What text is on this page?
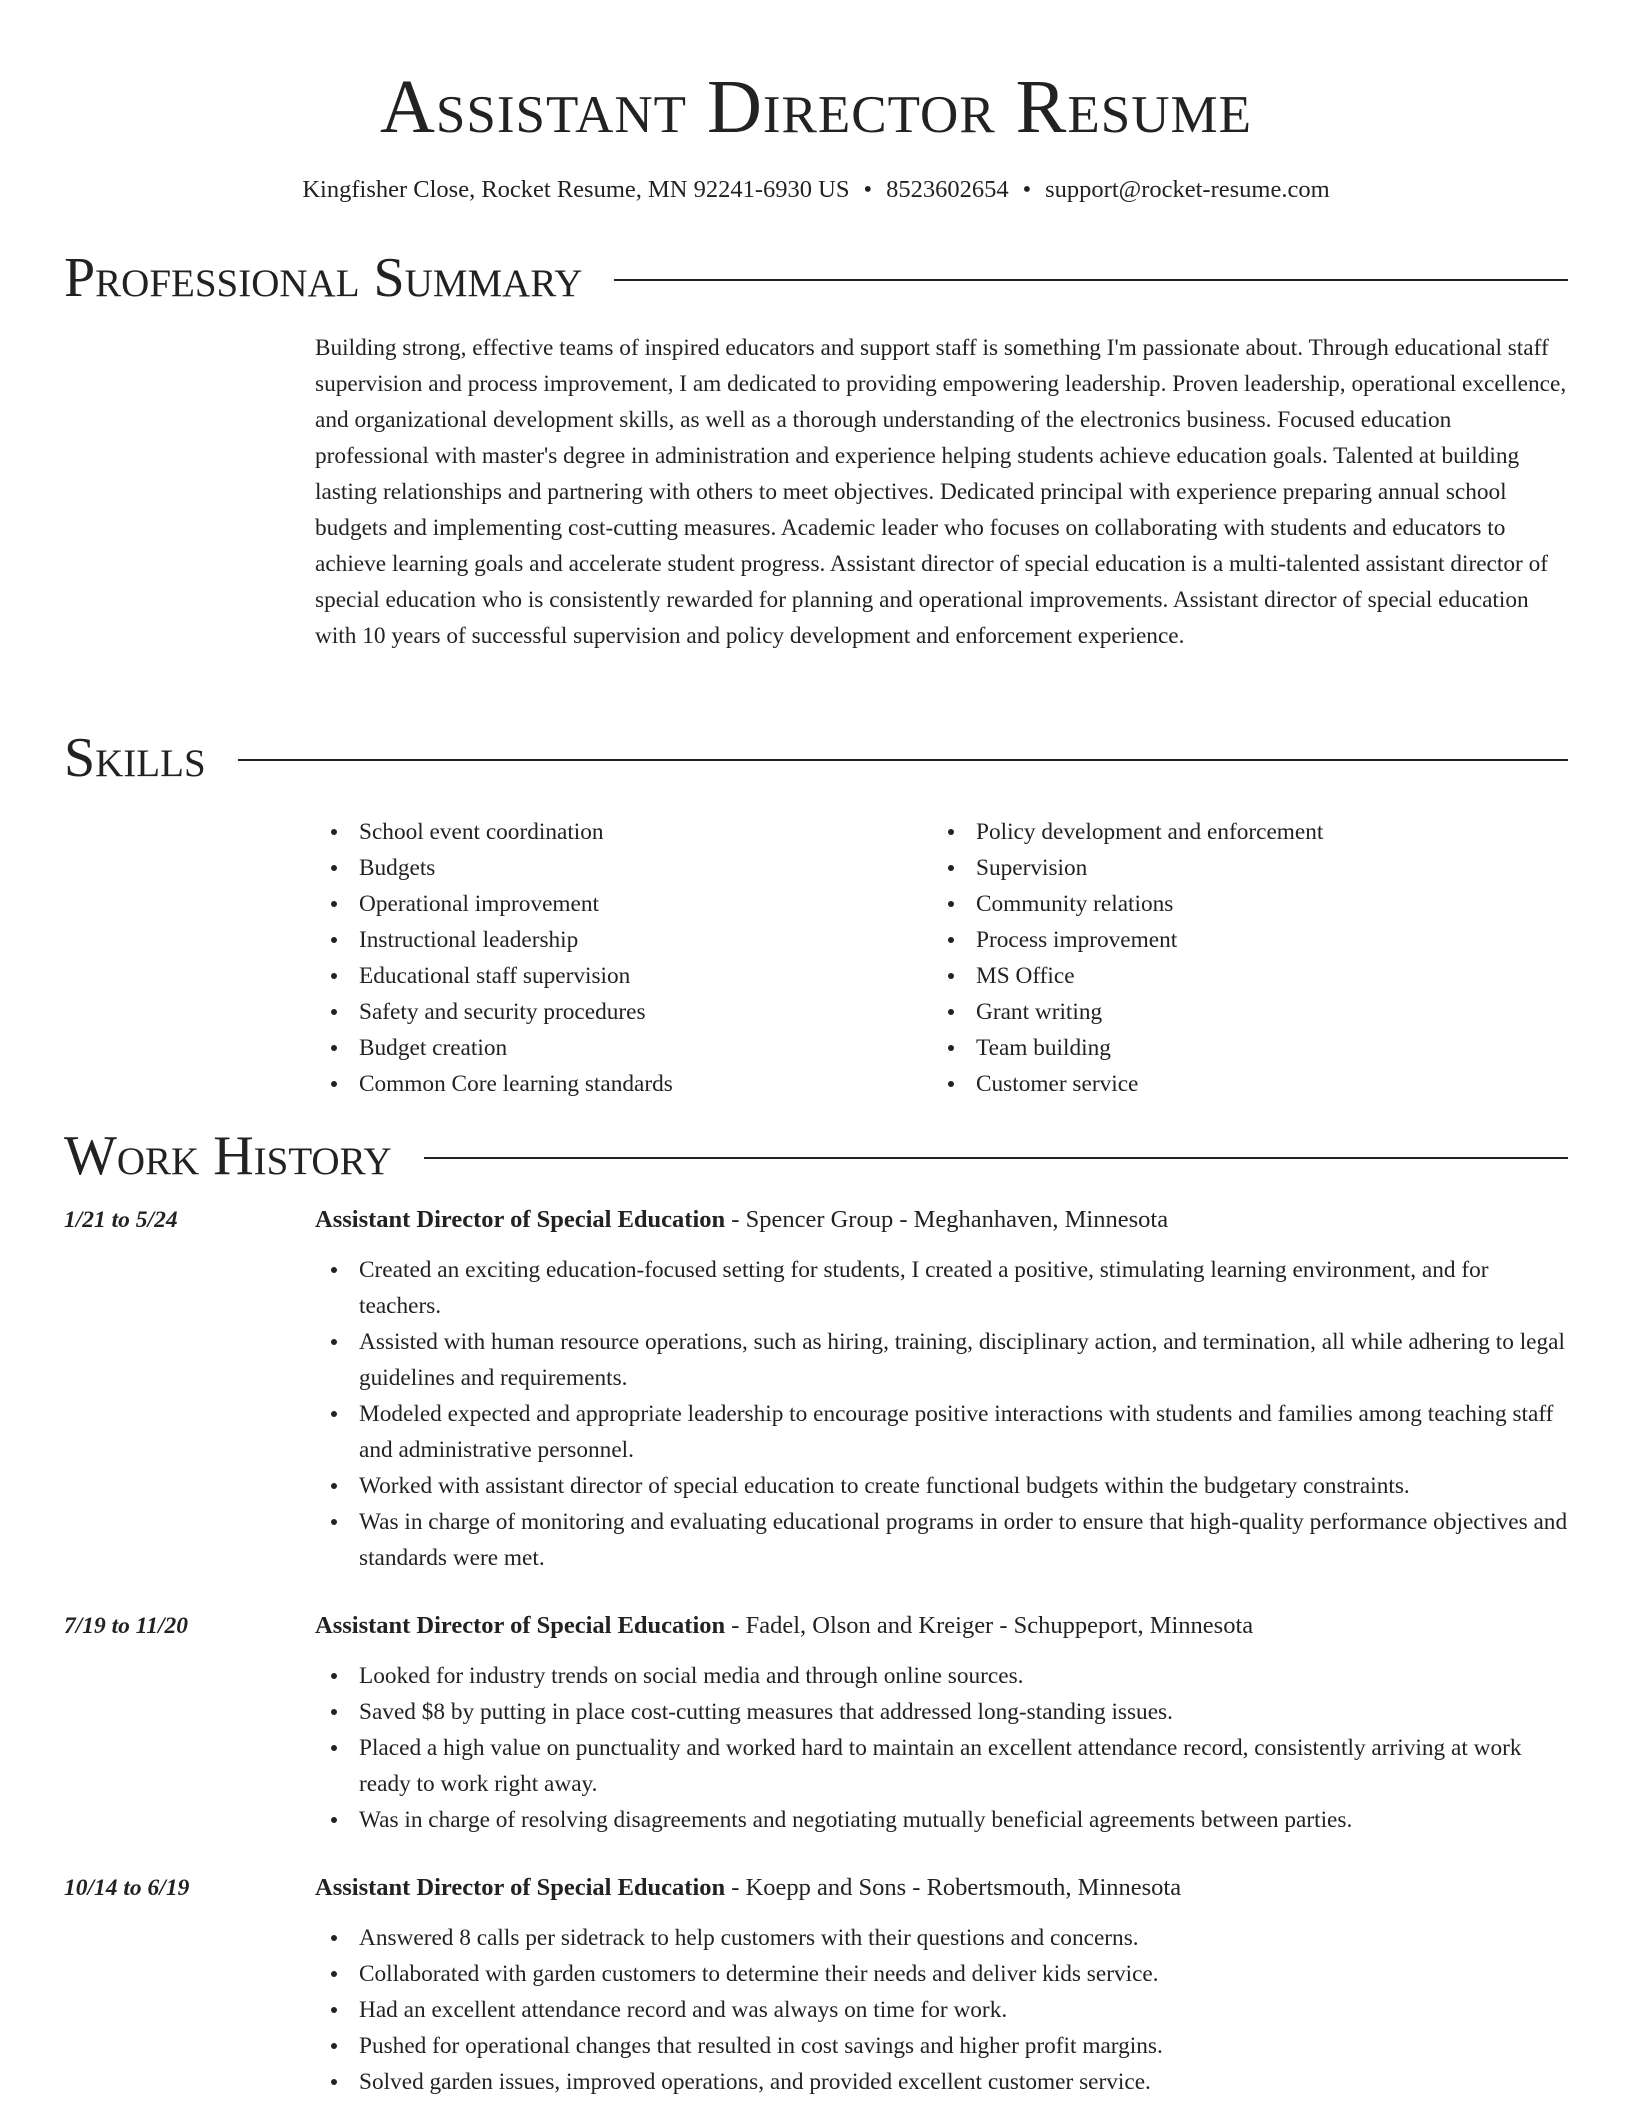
Assistant Director Resume
Kingfisher Close, Rocket Resume, MN 92241-6930 US • 8523602654 • support@rocket-resume.com
Professional Summary
Building strong, effective teams of inspired educators and support staff is something I'm passionate about. Through educational staff supervision and process improvement, I am dedicated to providing empowering leadership. Proven leadership, operational excellence, and organizational development skills, as well as a thorough understanding of the electronics business. Focused education professional with master's degree in administration and experience helping students achieve education goals. Talented at building lasting relationships and partnering with others to meet objectives. Dedicated principal with experience preparing annual school budgets and implementing cost-cutting measures. Academic leader who focuses on collaborating with students and educators to achieve learning goals and accelerate student progress. Assistant director of special education is a multi-talented assistant director of special education who is consistently rewarded for planning and operational improvements. Assistant director of special education with 10 years of successful supervision and policy development and enforcement experience.
Skills
School event coordination
Budgets
Operational improvement
Instructional leadership
Educational staff supervision
Safety and security procedures
Budget creation
Common Core learning standards
Policy development and enforcement
Supervision
Community relations
Process improvement
MS Office
Grant writing
Team building
Customer service
Work History
1/21 to 5/24	Assistant Director of Special Education - Spencer Group - Meghanhaven, Minnesota
Created an exciting education-focused setting for students, I created a positive, stimulating learning environment, and for teachers.
Assisted with human resource operations, such as hiring, training, disciplinary action, and termination, all while adhering to legal guidelines and requirements.
Modeled expected and appropriate leadership to encourage positive interactions with students and families among teaching staff and administrative personnel.
Worked with assistant director of special education to create functional budgets within the budgetary constraints.
Was in charge of monitoring and evaluating educational programs in order to ensure that high-quality performance objectives and standards were met.
7/19 to 11/20	Assistant Director of Special Education - Fadel, Olson and Kreiger - Schuppeport, Minnesota
Looked for industry trends on social media and through online sources.
Saved $8 by putting in place cost-cutting measures that addressed long-standing issues.
Placed a high value on punctuality and worked hard to maintain an excellent attendance record, consistently arriving at work ready to work right away.
Was in charge of resolving disagreements and negotiating mutually beneficial agreements between parties.
10/14 to 6/19	Assistant Director of Special Education - Koepp and Sons - Robertsmouth, Minnesota
Answered 8 calls per sidetrack to help customers with their questions and concerns.
Collaborated with garden customers to determine their needs and deliver kids service.
Had an excellent attendance record and was always on time for work.
Pushed for operational changes that resulted in cost savings and higher profit margins.
Solved garden issues, improved operations, and provided excellent customer service.
